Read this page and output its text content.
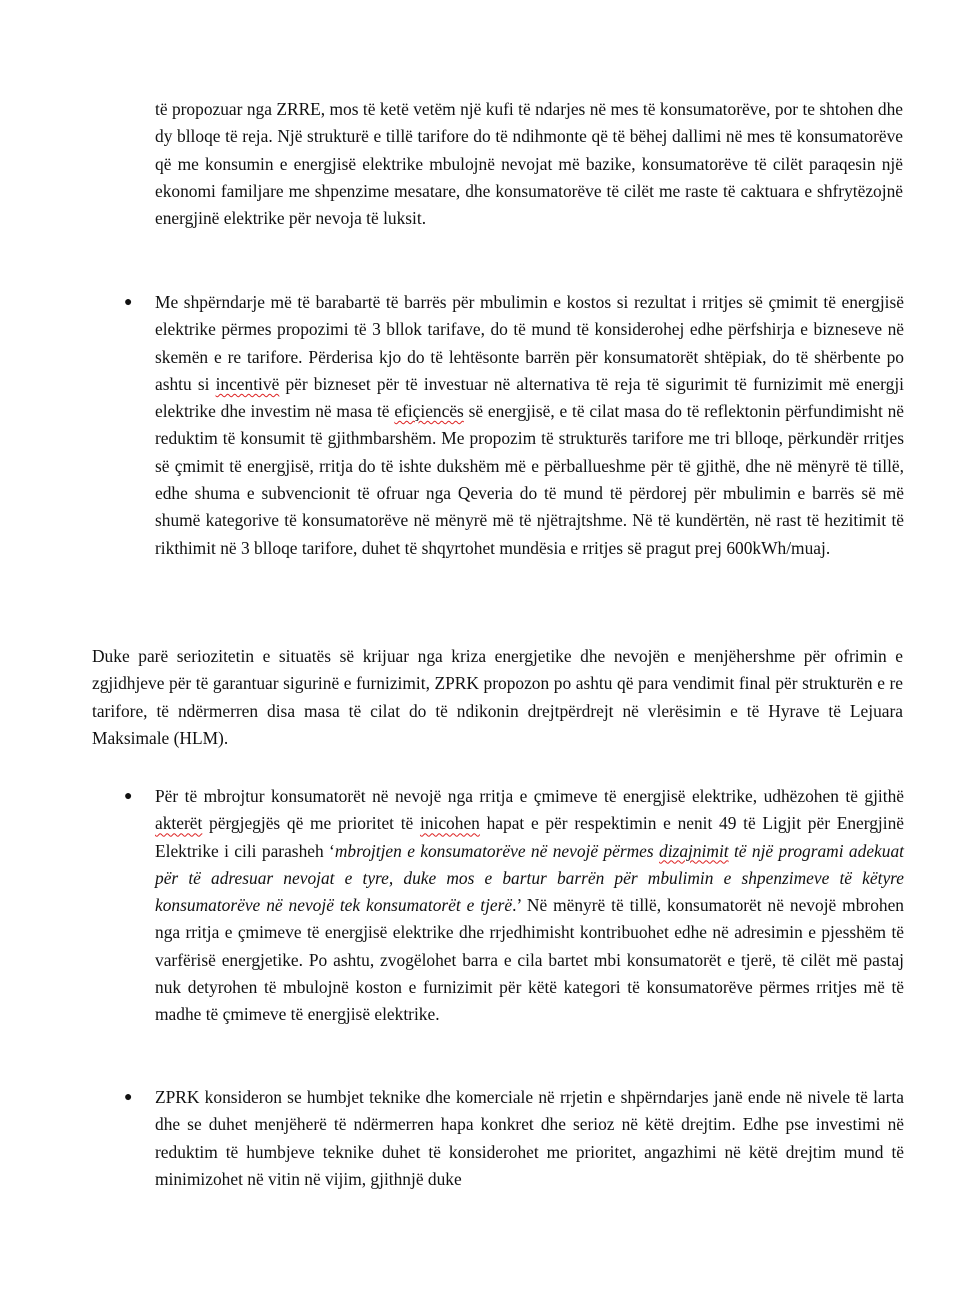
të propozuar nga ZRRE, mos të ketë vetëm një kufi të ndarjes në mes të konsumatorëve, por te shtohen dhe dy blloqe të reja. Një strukturë e tillë tarifore do të ndihmonte që të bëhej dallimi në mes të konsumatorëve që me konsumin e energjisë elektrike mbulojnë nevojat më bazike, konsumatorëve të cilët paraqesin një ekonomi familjare me shpenzime mesatare, dhe konsumatorëve të cilët me raste të caktuara e shfrytëzojnë energjinë elektrike për nevoja të luksit.

●	Me shpërndarje më të barabartë të barrës për mbulimin e kostos si rezultat i rritjes së çmimit të energjisë elektrike përmes propozimi të 3 bllok tarifave, do të mund të konsiderohej edhe përfshirja e bizneseve në skemën e re tarifore. Përderisa kjo do të lehtësonte barrën për konsumatorët shtëpiak, do të shërbente po ashtu si incentivë për bizneset për të investuar në alternativa të reja të sigurimit të furnizimit më energji elektrike dhe investim në masa të efiçiencës së energjisë, e të cilat masa do të reflektonin përfundimisht në reduktim të konsumit të gjithmbarshëm. Me propozim të strukturës tarifore me tri blloqe, përkundër rritjes së çmimit të energjisë, rritja do të ishte dukshëm më e përballueshme për të gjithë, dhe në mënyrë të tillë, edhe shuma e subvencionit të ofruar nga Qeveria do të mund të përdorej për mbulimin e barrës së më shumë kategorive të konsumatorëve në mënyrë më të njëtrajtshme. Në të kundërtën, në rast të hezitimit të rikthimit në 3 blloqe tarifore, duhet të shqyrtohet mundësia e rritjes së pragut prej 600kWh/muaj.

Duke parë seriozitetin e situatës së krijuar nga kriza energjetike dhe nevojën e menjëhershme për ofrimin e zgjidhjeve për të garantuar sigurinë e furnizimit, ZPRK propozon po ashtu që para vendimit final për strukturën e re tarifore, të ndërmerren disa masa të cilat do të ndikonin drejtpërdrejt në vlerësimin e të Hyrave të Lejuara Maksimale (HLM).

●	Për të mbrojtur konsumatorët në nevojë nga rritja e çmimeve të energjisë elektrike, udhëzohen të gjithë akterët përgjegjës që me prioritet të inicohen hapat e për respektimin e nenit 49 të Ligjit për Energjinë Elektrike i cili parasheh ‘mbrojtjen e konsumatorëve në nevojë përmes dizajnimit të një programi adekuat për të adresuar nevojat e tyre, duke mos e bartur barrën për mbulimin e shpenzimeve të këtyre konsumatorëve në nevojë tek konsumatorët e tjerë.’ Në mënyrë të tillë, konsumatorët në nevojë mbrohen nga rritja e çmimeve të energjisë elektrike dhe rrjedhimisht kontribuohet edhe në adresimin e pjesshëm të varfërisë energjetike. Po ashtu, zvogëlohet barra e cila bartet mbi konsumatorët e tjerë, të cilët më pastaj nuk detyrohen të mbulojnë koston e furnizimit për këtë kategori të konsumatorëve përmes rritjes më të madhe të çmimeve të energjisë elektrike.

●	ZPRK konsideron se humbjet teknike dhe komerciale në rrjetin e shpërndarjes janë ende në nivele të larta dhe se duhet menjëherë të ndërmerren hapa konkret dhe serioz në këtë drejtim. Edhe pse investimi në reduktim të humbjeve teknike duhet të konsiderohet me prioritet, angazhimi në këtë drejtim mund të minimizohet në vitin në vijim, gjithnjë duke
